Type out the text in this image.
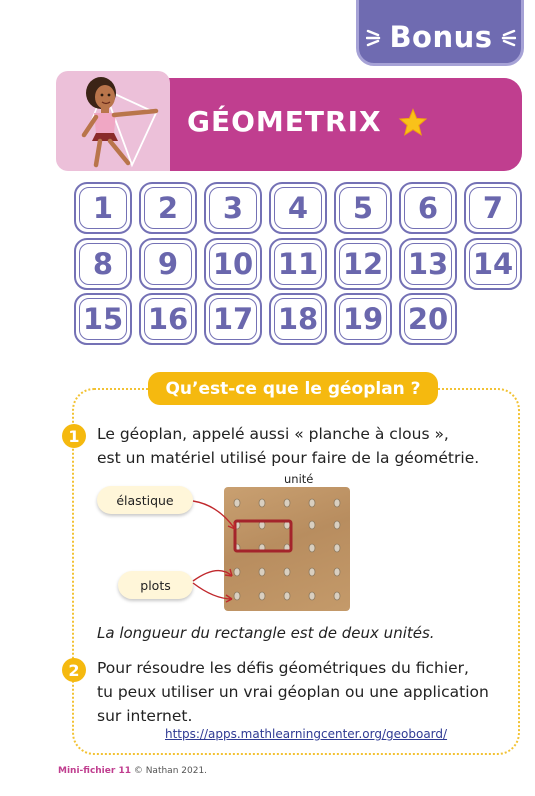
Bonus
GÉOMETRIX
1	2	3	4	5	6	7
8	9	10 11 12 13 14
15 16 17 18 19 20
Qu’est-ce que le géoplan ?
1	Le géoplan, appelé aussi « planche à clous »,
est un matériel utilisé pour faire de la géométrie.
élastique
plots
unité
La longueur du rectangle est de deux unités.
2	Pour résoudre les défis géométriques du fichier,
tu peux utiliser un vrai géoplan ou une application
sur internet.
https://apps.mathlearningcenter.org/geoboard/
Mini-fichier 11 © Nathan 2021.
